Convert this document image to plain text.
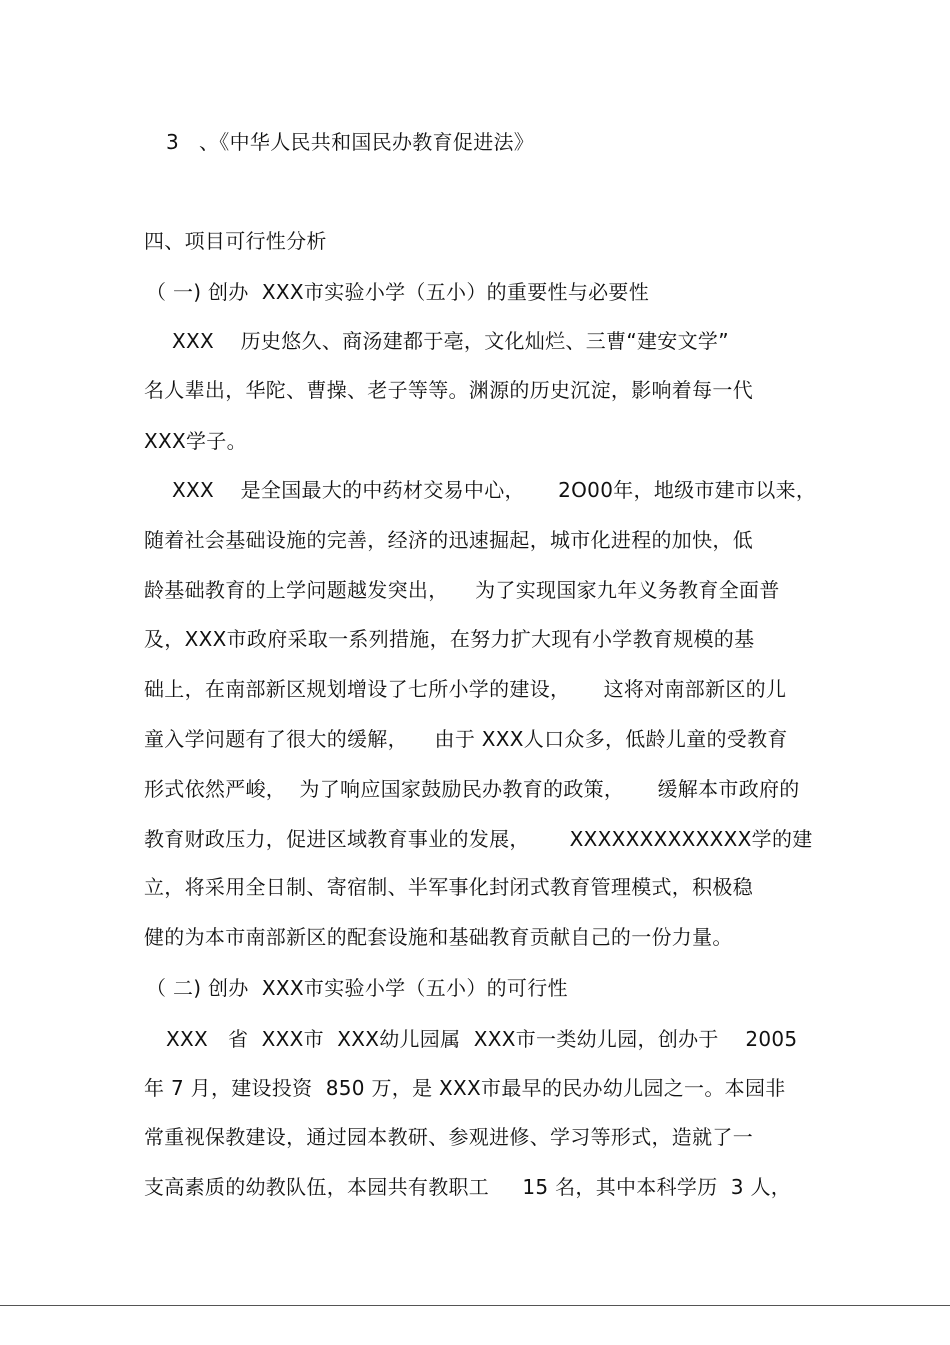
3   、《中华人民共和国民办教育促进法》
四、项目可行性分析
（ 一) 创办  XXX市实验小学（五小）的重要性与必要性
XXX    历史悠久、商汤建都于亳，文化灿烂、三曹“建安文学”
名人辈出，华陀、曹操、老子等等。渊源的历史沉淀，影响着每一代
XXX学子。
XXX    是全国最大的中药材交易中心，     2O00年，地级市建市以来，
随着社会基础设施的完善，经济的迅速掘起，城市化进程的加快，低
龄基础教育的上学问题越发突出，    为了实现国家九年义务教育全面普
及，XXX市政府采取一系列措施，在努力扩大现有小学教育规模的基
础上，在南部新区规划增设了七所小学的建设，     这将对南部新区的儿
童入学问题有了很大的缓解，    由于 XXX人口众多，低龄儿童的受教育
形式依然严峻，  为了响应国家鼓励民办教育的政策，     缓解本市政府的
教育财政压力，促进区域教育事业的发展，      XXXXXXXXXXXXX学的建
立，将采用全日制、寄宿制、半军事化封闭式教育管理模式，积极稳
健的为本市南部新区的配套设施和基础教育贡献自己的一份力量。
（ 二) 创办  XXX市实验小学（五小）的可行性
XXX   省  XXX市  XXX幼儿园属  XXX市一类幼儿园，创办于    2005
年 7 月，建设投资  850 万，是 XXX市最早的民办幼儿园之一。本园非
常重视保教建设，通过园本教研、参观进修、学习等形式，造就了一
支高素质的幼教队伍，本园共有教职工     15 名，其中本科学历  3 人，
